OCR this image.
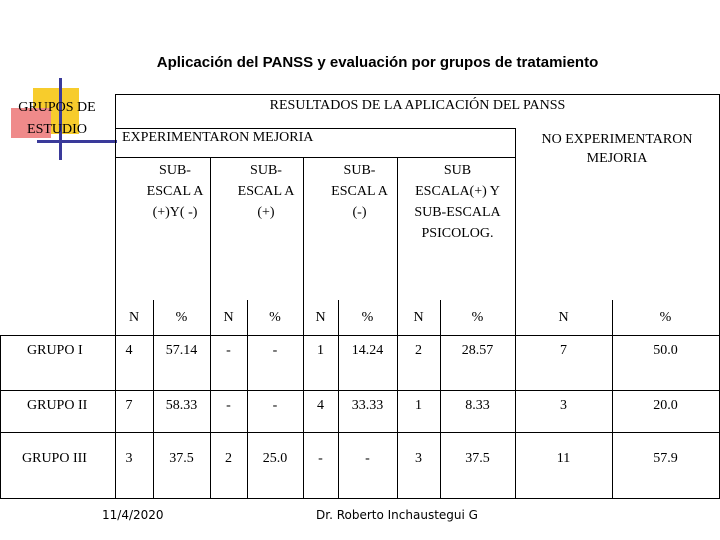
Aplicación del PANSS y evaluación por grupos de tratamiento
GRUPOS DE ESTUDIO
RESULTADOS DE LA APLICACIÓN DEL PANSS
EXPERIMENTARON MEJORIA	NO EXPERIMENTARON MEJORIA
SUB-ESCAL A (+)Y( -)
SUB-ESCAL A (+)
SUB-ESCAL A (-)
SUB ESCALA(+) Y SUB-ESCALA PSICOLOG.
N	%	N	%	N	%	N	%	N	%
GRUPO I	4	57.14	-	-	1	14.24	2	28.57	7	50.0
GRUPO II	7	58.33	-	-	4	33.33	1	8.33	3	20.0
GRUPO III	3	37.5	2	25.0	-	-	3	37.5	11	57.9
11/4/2020	Dr. Roberto Inchaustegui G
